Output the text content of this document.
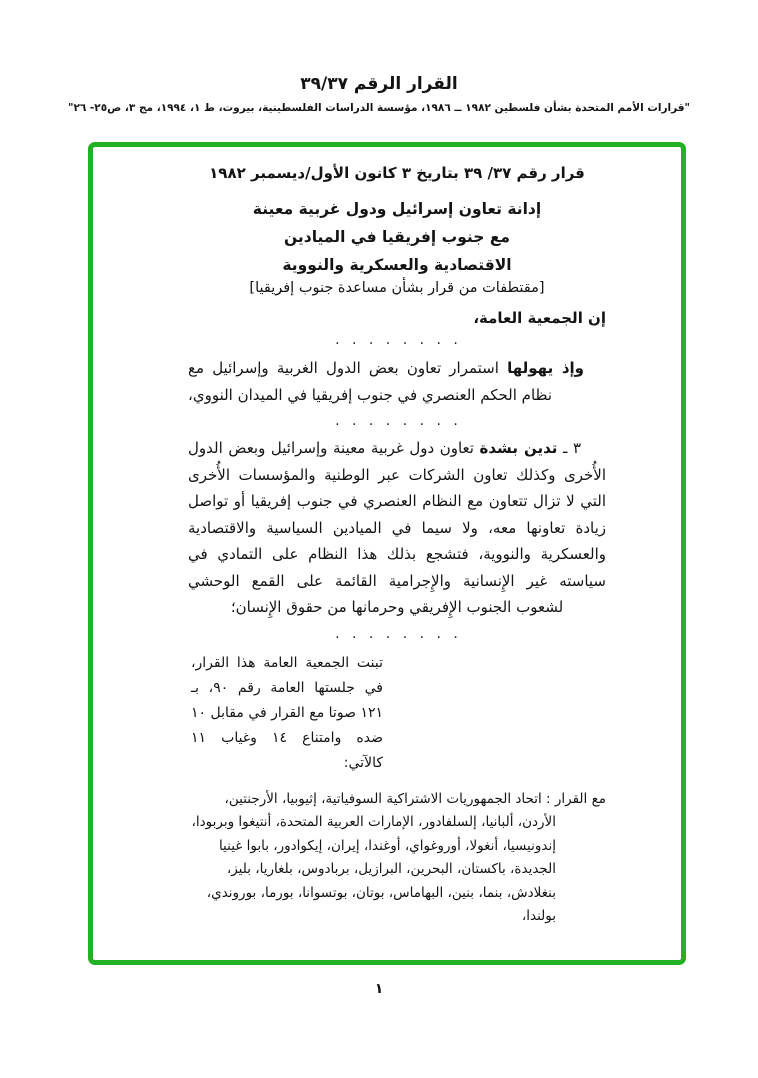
القرار الرقم ٣٩/٣٧
"قرارات الأمم المتحدة بشأن فلسطين ١٩٨٢ ــ ١٩٨٦، مؤسسة الدراسات الفلسطينية، بيروت، ط ١، ١٩٩٤، مج ٣، ص٢٥- ٢٦"
قرار رقم ٣٧/ ٣٩ بتاريخ ٣ كانون الأول/ديسمبر ١٩٨٢
إدانة تعاون إسرائيل ودول غربية معينة
مع جنوب إفريقيا في الميادين
الاقتصادية والعسكرية والنووية
[مقتطفات من قرار بشأن مساعدة جنوب إفريقيا]
إن الجمعية العامة،
. . . . . . . .

وإذ يهولها استمرار تعاون بعض الدول الغربية وإسرائيل مع نظام الحكم العنصري في جنوب إفريقيا في الميدان النووي،

. . . . . . . .

٣ ـ تدين بشدة تعاون دول غربية معينة وإسرائيل وبعض الدول الأُخرى وكذلك تعاون الشركات عبر الوطنية والمؤسسات الأُخرى التي لا تزال تتعاون مع النظام العنصري في جنوب إفريقيا أو تواصل زيادة تعاونها معه، ولا سيما في الميادين السياسية والاقتصادية والعسكرية والنووية، فتشجع بذلك هذا النظام على التمادي في سياسته غير الإِنسانية والإِجرامية القائمة على القمع الوحشي لشعوب الجنوب الإِفريقي وحرمانها من حقوق الإِنسان؛

. . . . . . . .
تبنت الجمعية العامة هذا القرار، في جلستها العامة رقم ٩٠، بـ ١٢١ صوتا مع القرار في مقابل ١٠ ضده وامتناع ١٤ وغياب ١١ كالآتي:

مع القرار : اتحاد الجمهوريات الاشتراكية السوفياتية، إثيوبيا، الأرجنتين، الأردن، ألبانيا، إلسلفادور، الإمارات العربية المتحدة، أنتيغوا وبربودا، إندونيسيا، أنغولا، أوروغواي، أوغندا، إيران، إيكوادور، بابوا غينيا الجديدة، باكستان، البحرين، البرازيل، بربادوس، بلغاريا، بليز، بنغلادش، بنما، بنين، البهاماس، بوتان، بوتسوانا، بورما، بوروندي، بولندا،

١
